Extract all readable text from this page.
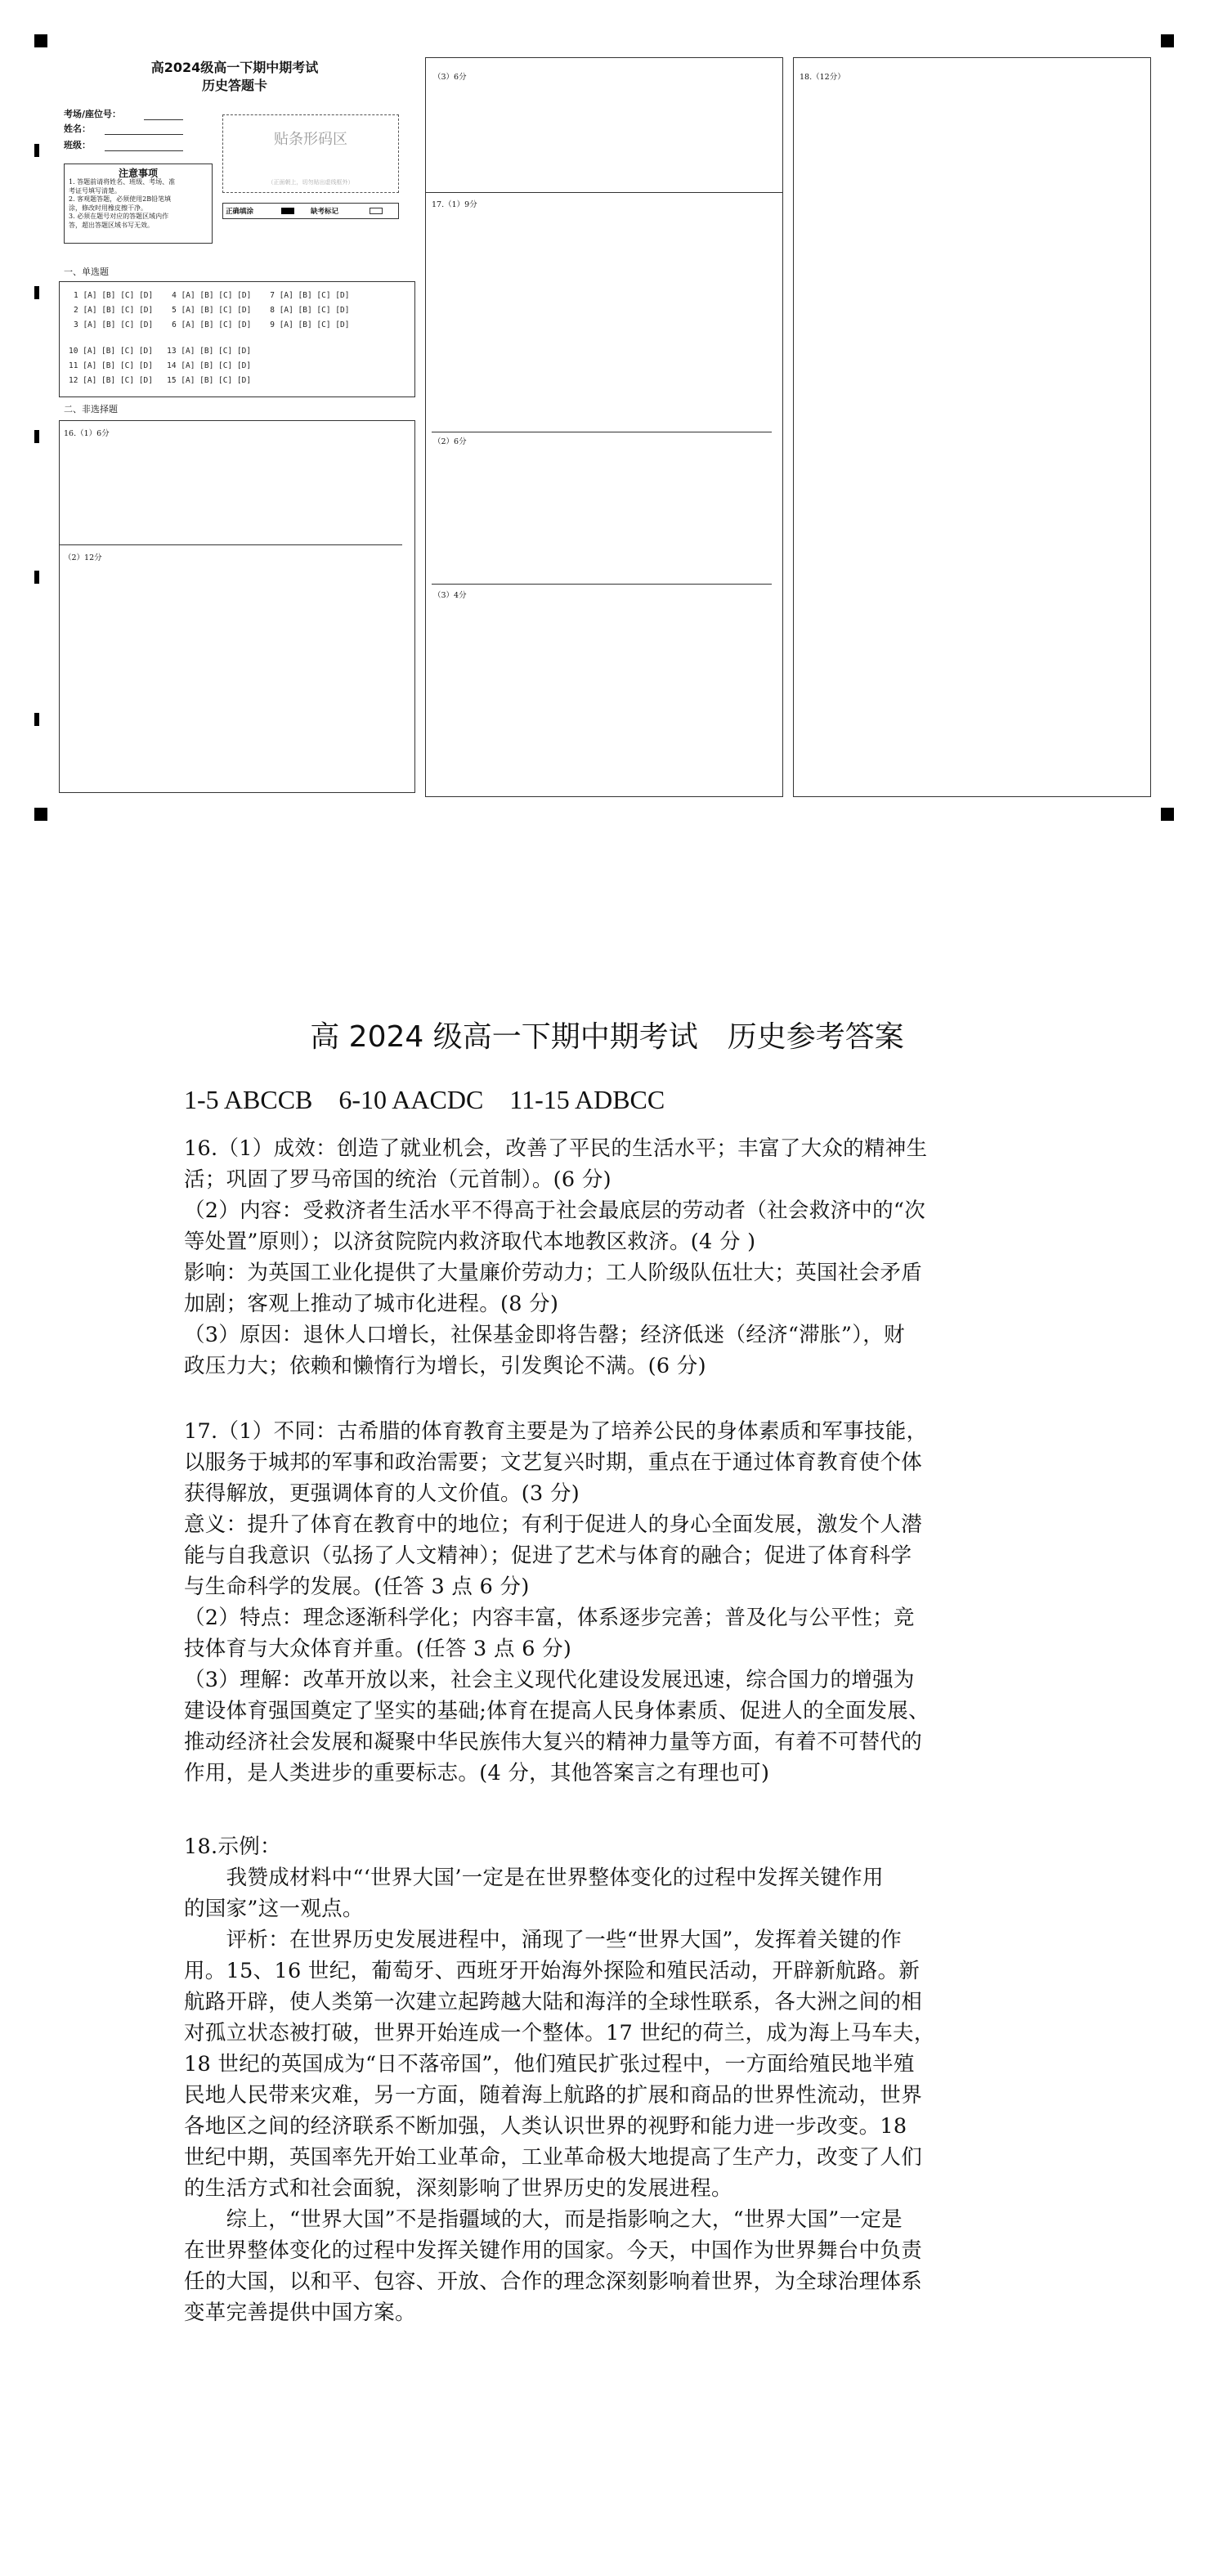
高2024级高一下期中期考试
历史答题卡
考场/座位号：
姓名：
班级：	贴条形码区
（正面朝上，切勿贴出虚线框外）
注意事项
1. 答题前请将姓名、班级、考场、准
考证号填写清楚。
2. 客观题答题，必须使用2B铅笔填
涂，修改时用橡皮擦干净。
3. 必须在题号对应的答题区域内作
答，超出答题区域书写无效。
正确填涂	缺考标记
一、单选题
1 [A] [B] [C] [D]    4 [A] [B] [C] [D]    7 [A] [B] [C] [D]
2 [A] [B] [C] [D]    5 [A] [B] [C] [D]    8 [A] [B] [C] [D]
3 [A] [B] [C] [D]    6 [A] [B] [C] [D]    9 [A] [B] [C] [D]
10 [A] [B] [C] [D]   13 [A] [B] [C] [D]
11 [A] [B] [C] [D]   14 [A] [B] [C] [D]
12 [A] [B] [C] [D]   15 [A] [B] [C] [D]
二、非选择题
16.（1）6分
（2）12分
（3）6分
17.（1）9分
（2）6分
（3）4分
18.（12分）
高 2024 级高一下期中期考试　历史参考答案
1-5 ABCCB　6-10 AACDC　11-15 ADBCC

16.（1）成效：创造了就业机会，改善了平民的生活水平；丰富了大众的精神生

活；巩固了罗马帝国的统治（元首制）。(6 分)

（2）内容：受救济者生活水平不得高于社会最底层的劳动者（社会救济中的“次

等处置”原则）；以济贫院院内救济取代本地教区救济。(4 分 )

影响：为英国工业化提供了大量廉价劳动力；工人阶级队伍壮大；英国社会矛盾

加剧；客观上推动了城市化进程。(8 分)

（3）原因：退休人口增长，社保基金即将告罄；经济低迷（经济“滞胀”），财

政压力大；依赖和懒惰行为增长，引发舆论不满。(6 分)

17.（1）不同：古希腊的体育教育主要是为了培养公民的身体素质和军事技能，

以服务于城邦的军事和政治需要；文艺复兴时期，重点在于通过体育教育使个体

获得解放，更强调体育的人文价值。(3 分)

意义：提升了体育在教育中的地位；有利于促进人的身心全面发展，激发个人潜

能与自我意识（弘扬了人文精神）；促进了艺术与体育的融合；促进了体育科学

与生命科学的发展。(任答 3 点 6 分)

（2）特点：理念逐渐科学化；内容丰富，体系逐步完善；普及化与公平性；竞

技体育与大众体育并重。(任答 3 点 6 分)

（3）理解：改革开放以来，社会主义现代化建设发展迅速，综合国力的增强为

建设体育强国奠定了坚实的基础;体育在提高人民身体素质、促进人的全面发展、

推动经济社会发展和凝聚中华民族伟大复兴的精神力量等方面，有着不可替代的

作用，是人类进步的重要标志。(4 分，其他答案言之有理也可)

18.示例：

　　我赞成材料中“‘世界大国’一定是在世界整体变化的过程中发挥关键作用

的国家”这一观点。

　　评析：在世界历史发展进程中，涌现了一些“世界大国”，发挥着关键的作

用。15、16 世纪，葡萄牙、西班牙开始海外探险和殖民活动，开辟新航路。新

航路开辟，使人类第一次建立起跨越大陆和海洋的全球性联系，各大洲之间的相

对孤立状态被打破，世界开始连成一个整体。17 世纪的荷兰，成为海上马车夫，

18 世纪的英国成为“日不落帝国”，他们殖民扩张过程中，一方面给殖民地半殖

民地人民带来灾难，另一方面，随着海上航路的扩展和商品的世界性流动，世界

各地区之间的经济联系不断加强，人类认识世界的视野和能力进一步改变。18

世纪中期，英国率先开始工业革命，工业革命极大地提高了生产力，改变了人们

的生活方式和社会面貌，深刻影响了世界历史的发展进程。

　　综上，“世界大国”不是指疆域的大，而是指影响之大，“世界大国”一定是

在世界整体变化的过程中发挥关键作用的国家。今天，中国作为世界舞台中负责

任的大国，以和平、包容、开放、合作的理念深刻影响着世界，为全球治理体系

变革完善提供中国方案。
